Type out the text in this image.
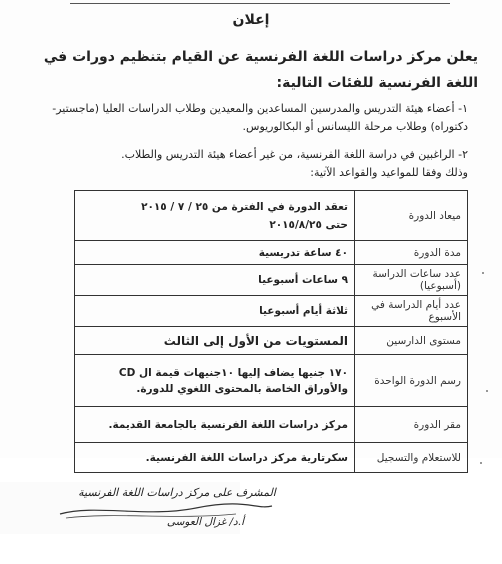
إعلان
يعلن مركز دراسات اللغة الفرنسية عن القيام بتنظيم دورات في اللغة الفرنسية للفئات التالية:
١- أعضاء هيئة التدريس والمدرسين المساعدين والمعيدين وطلاب الدراسات العليا (ماجستير- دكتوراه) وطلاب مرحلة الليسانس أو البكالوريوس.
٢- الراغبين في دراسة اللغة الفرنسية، من غير أعضاء هيئة التدريس والطلاب.
وذلك وفقا للمواعيد والقواعد الآتية:
ميعاد الدورة	تعقد الدورة في الفترة من ٢٥ / ٧ / ٢٠١٥
حتى ٢٠١٥/٨/٢٥

مدة الدورة	٤٠ ساعة تدريسية
عدد ساعات الدراسة (أسبوعيا)	٩ ساعات أسبوعيا
عدد أيام الدراسة في الأسبوع	ثلاثة أيام أسبوعيا
مستوى الدارسين	المستويات من الأول إلى الثالث
رسم الدورة الواحدة	١٧٠ جنيها يضاف إليها ١٠جنيهات قيمة ال CD
والأوراق الخاصة بالمحتوى اللغوي للدورة.

مقر الدورة	مركز دراسات اللغة الفرنسية بالجامعة القديمة.
للاستعلام والتسجيل	سكرتارية مركز دراسات اللغة الفرنسية.
المشرف على مركز دراسات اللغة الفرنسية
أ.د/ غزال العوسى
